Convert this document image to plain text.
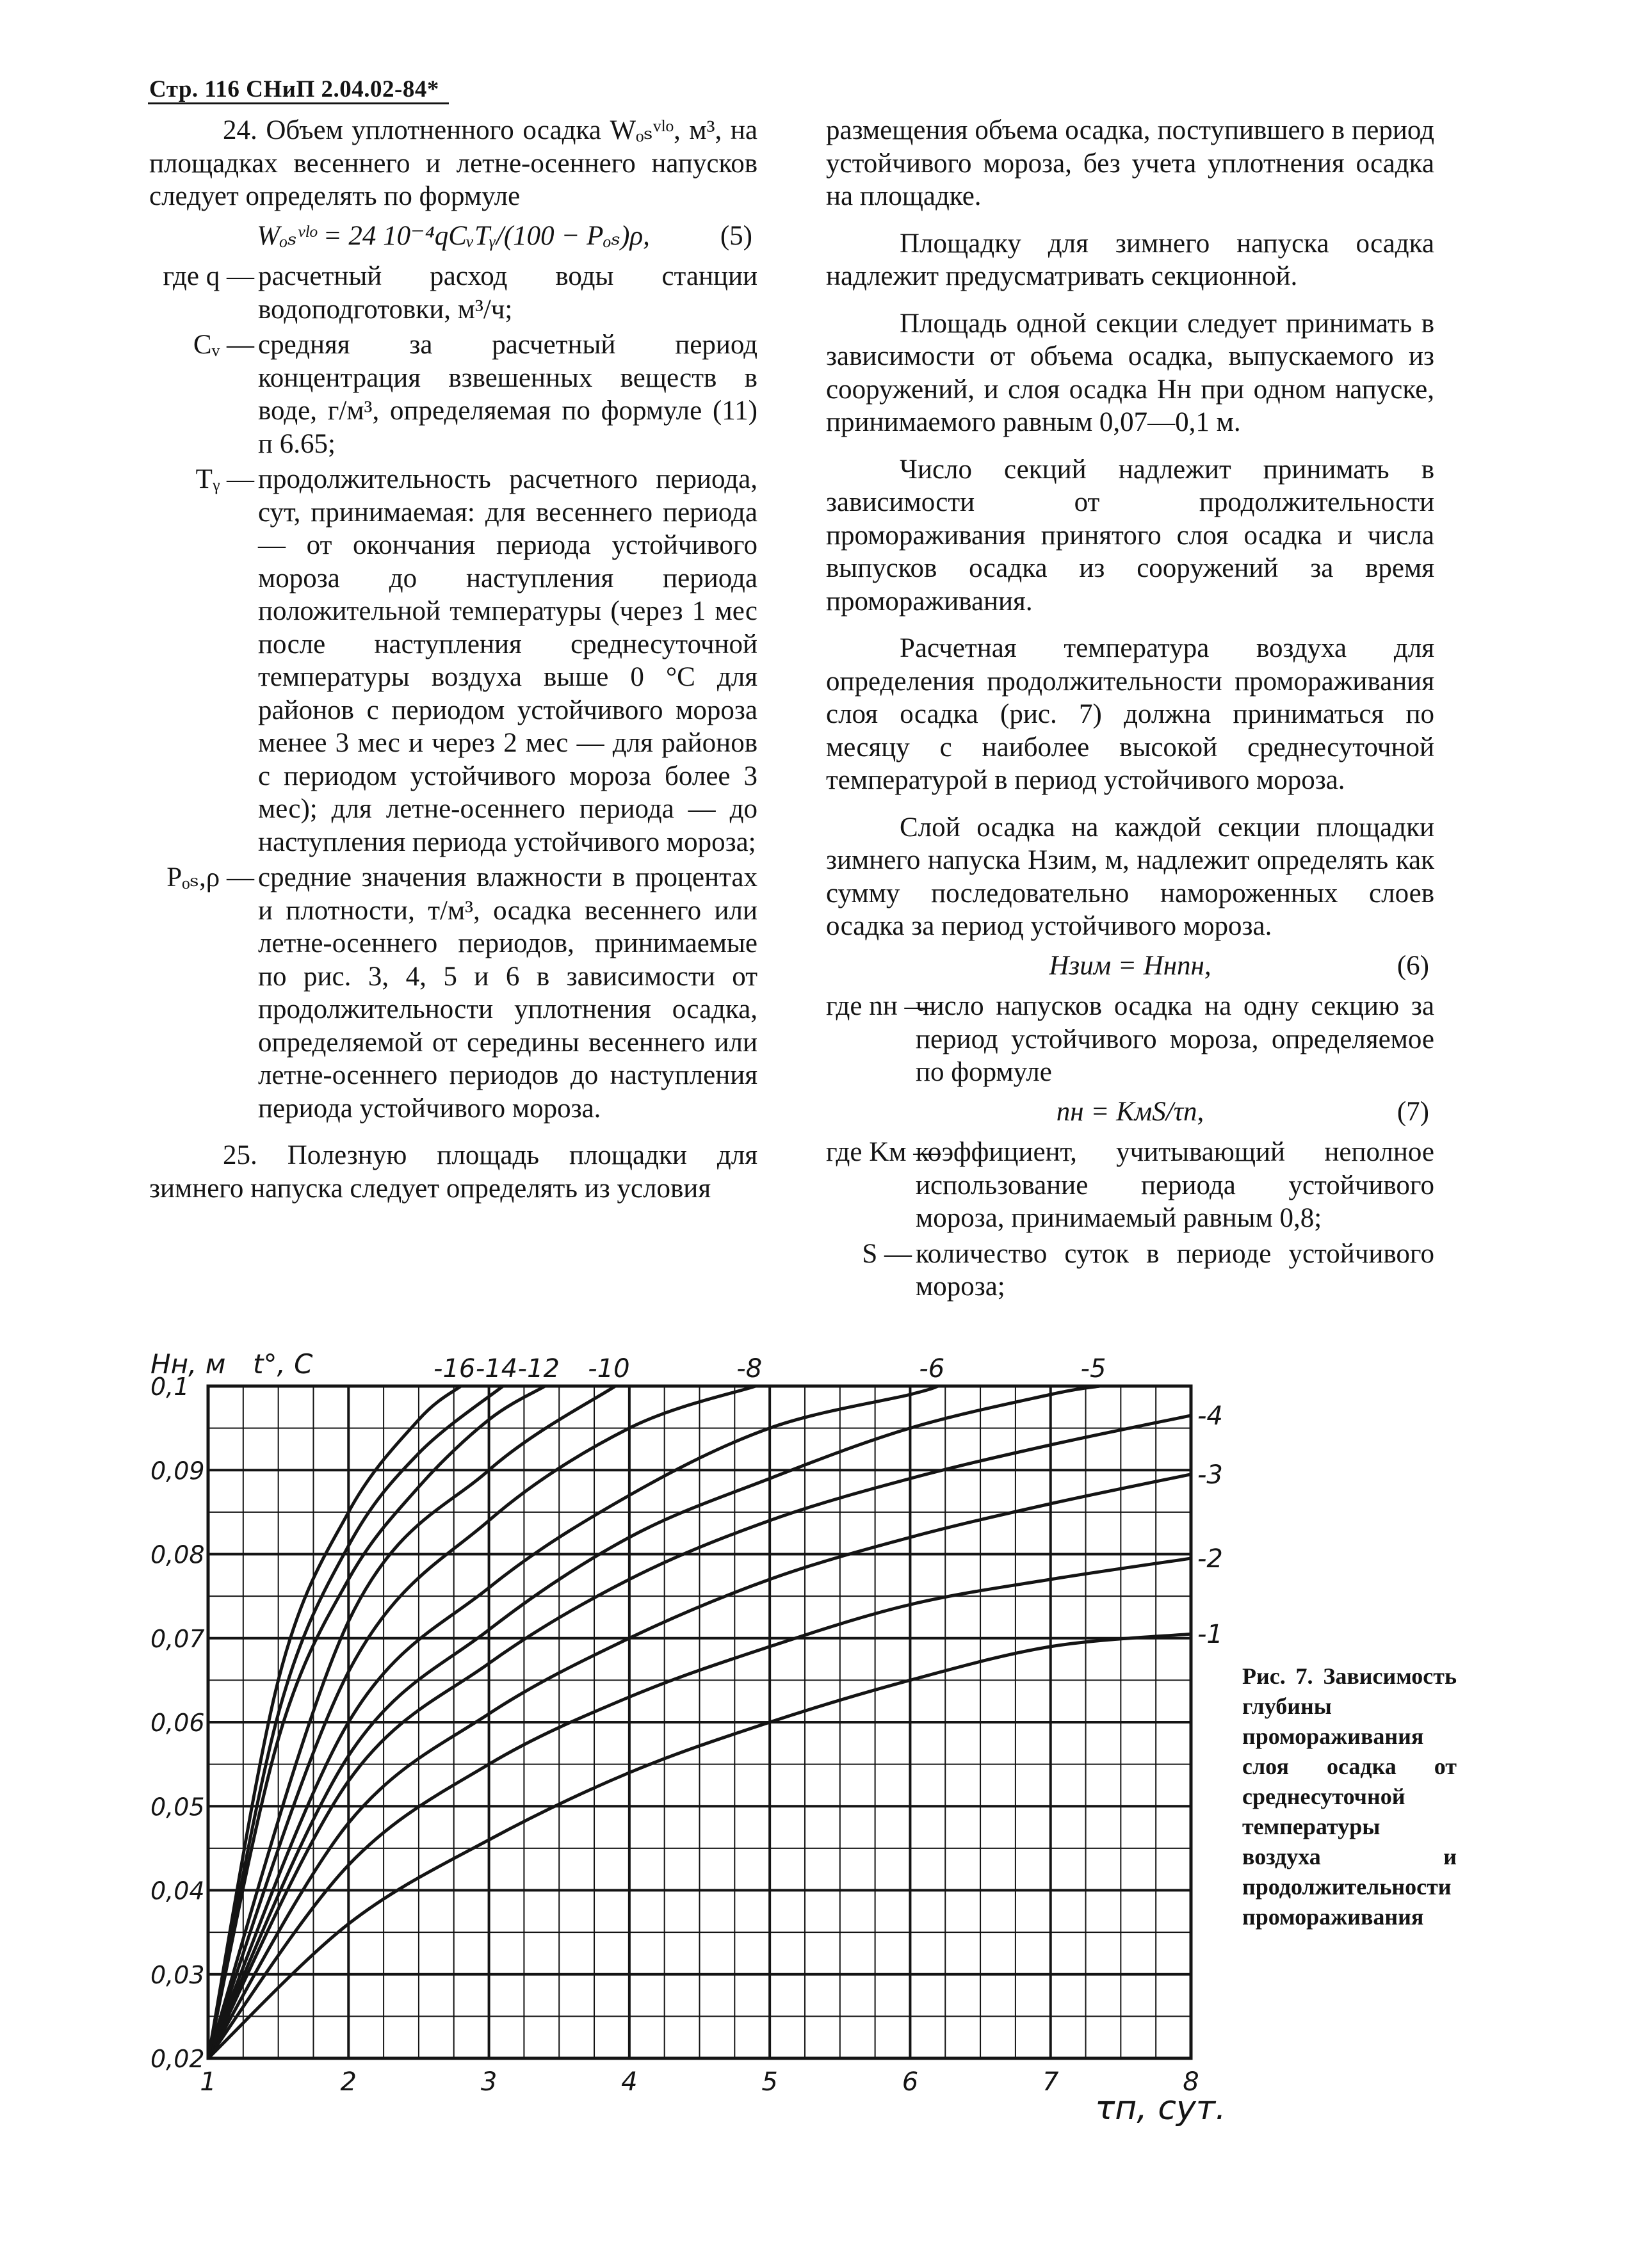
Стр. 116 СНиП 2.04.02-84*

24. Объем уплотненного осадка Wₒₛᵛˡᵒ, м³, на площадках весеннего и летне-осеннего напусков следует определять по формуле

Wₒₛᵛˡᵒ = 24 10⁻⁴qCᵥTᵧ/(100 − Pₒₛ)ρ,	(5)

где q — расчетный расход воды станции водоподготовки, м³/ч;
Cᵥ — средняя за расчетный период концентрация взвешенных веществ в воде, г/м³, определяемая по формуле (11) п 6.65;
Tᵧ — продолжительность расчетного периода, сут, принимаемая: для весеннего периода — от окончания периода устойчивого мороза до наступления периода положительной температуры (через 1 мес после наступления среднесуточной температуры воздуха выше 0 °С для районов с периодом устойчивого мороза менее 3 мес и через 2 мес — для районов с периодом устойчивого мороза более 3 мес); для летне-осеннего периода — до наступления периода устойчивого мороза;
Pₒₛ,ρ — средние значения влажности в процентах и плотности, т/м³, осадка весеннего или летне-осеннего периодов, принимаемые по рис. 3, 4, 5 и 6 в зависимости от продолжительности уплотнения осадка, определяемой от середины весеннего или летне-осеннего периодов до наступления периода устойчивого мороза.

25. Полезную площадь площадки для зимнего напуска следует определять из условия

размещения объема осадка, поступившего в период устойчивого мороза, без учета уплотнения осадка на площадке.

Площадку для зимнего напуска осадка надлежит предусматривать секционной.

Площадь одной секции следует принимать в зависимости от объема осадка, выпускаемого из сооружений, и слоя осадка Hн при одном напуске, принимаемого равным 0,07—0,1 м.

Число секций надлежит принимать в зависимости от продолжительности промораживания принятого слоя осадка и числа выпусков осадка из сооружений за время промораживания.

Расчетная температура воздуха для определения продолжительности промораживания слоя осадка (рис. 7) должна приниматься по месяцу с наиболее высокой среднесуточной температурой в период устойчивого мороза.

Слой осадка на каждой секции площадки зимнего напуска Hзим, м, надлежит определять как сумму последовательно намороженных слоев осадка за период устойчивого мороза.

Hзим = Hнnн,	(6)

где nн —
число напусков осадка на одну секцию за период устойчивого мороза, определяемое по формуле

nн = KмS/τп,	(7)

где Kм —
коэффициент, учитывающий неполное использование периода устойчивого мороза, принимаемый равным 0,8;
S — количество суток в периоде устойчивого мороза;
-1
-2
-3
-4
-5
-6
-8
-10
-12
-14
-16
0,02
0,03
0,04
0,05
0,06
0,07
0,08
0,09
0,1
1	2	3	4	5	6	7	8
Hн, м t°, C
τп, сут.
Рис. 7. Зависимость глубины промораживания слоя осадка от среднесуточной температуры воздуха и продолжительности промораживания
